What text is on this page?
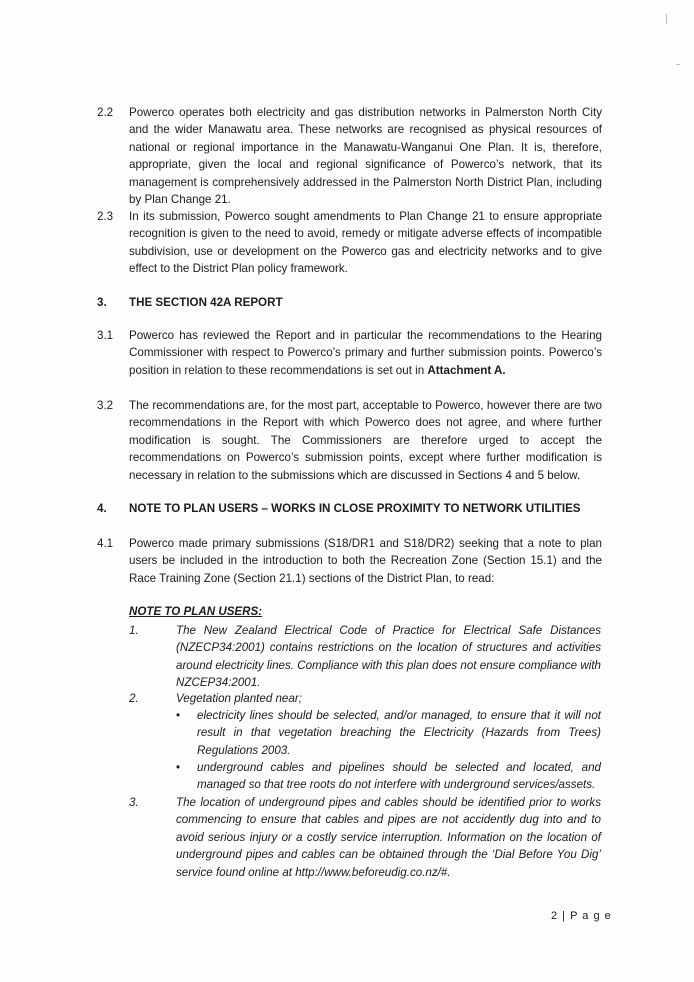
2.2	Powerco operates both electricity and gas distribution networks in Palmerston North City and the wider Manawatu area. These networks are recognised as physical resources of national or regional importance in the Manawatu-Wanganui One Plan. It is, therefore, appropriate, given the local and regional significance of Powerco’s network, that its management is comprehensively addressed in the Palmerston North District Plan, including by Plan Change 21.

2.3	In its submission, Powerco sought amendments to Plan Change 21 to ensure appropriate recognition is given to the need to avoid, remedy or mitigate adverse effects of incompatible subdivision, use or development on the Powerco gas and electricity networks and to give effect to the District Plan policy framework.

3.	THE SECTION 42A REPORT

3.1	Powerco has reviewed the Report and in particular the recommendations to the Hearing Commissioner with respect to Powerco’s primary and further submission points. Powerco’s position in relation to these recommendations is set out in Attachment A.

3.2	The recommendations are, for the most part, acceptable to Powerco, however there are two recommendations in the Report with which Powerco does not agree, and where further modification is sought. The Commissioners are therefore urged to accept the recommendations on Powerco’s submission points, except where further modification is necessary in relation to the submissions which are discussed in Sections 4 and 5 below.

4.	NOTE TO PLAN USERS – WORKS IN CLOSE PROXIMITY TO NETWORK UTILITIES

4.1	Powerco made primary submissions (S18/DR1 and S18/DR2) seeking that a note to plan users be included in the introduction to both the Recreation Zone (Section 15.1) and the Race Training Zone (Section 21.1) sections of the District Plan, to read:

NOTE TO PLAN USERS:
1.	The New Zealand Electrical Code of Practice for Electrical Safe Distances (NZECP34:2001) contains restrictions on the location of structures and activities around electricity lines. Compliance with this plan does not ensure compliance with NZCEP34:2001.
2.	Vegetation planted near;
• electricity lines should be selected, and/or managed, to ensure that it will not result in that vegetation breaching the Electricity (Hazards from Trees) Regulations 2003.
• underground cables and pipelines should be selected and located, and managed so that tree roots do not interfere with underground services/assets.
3.	The location of underground pipes and cables should be identified prior to works commencing to ensure that cables and pipes are not accidently dug into and to avoid serious injury or a costly service interruption. Information on the location of underground pipes and cables can be obtained through the ‘Dial Before You Dig’ service found online at http://www.beforeudig.co.nz/#.
2 | P a g e
